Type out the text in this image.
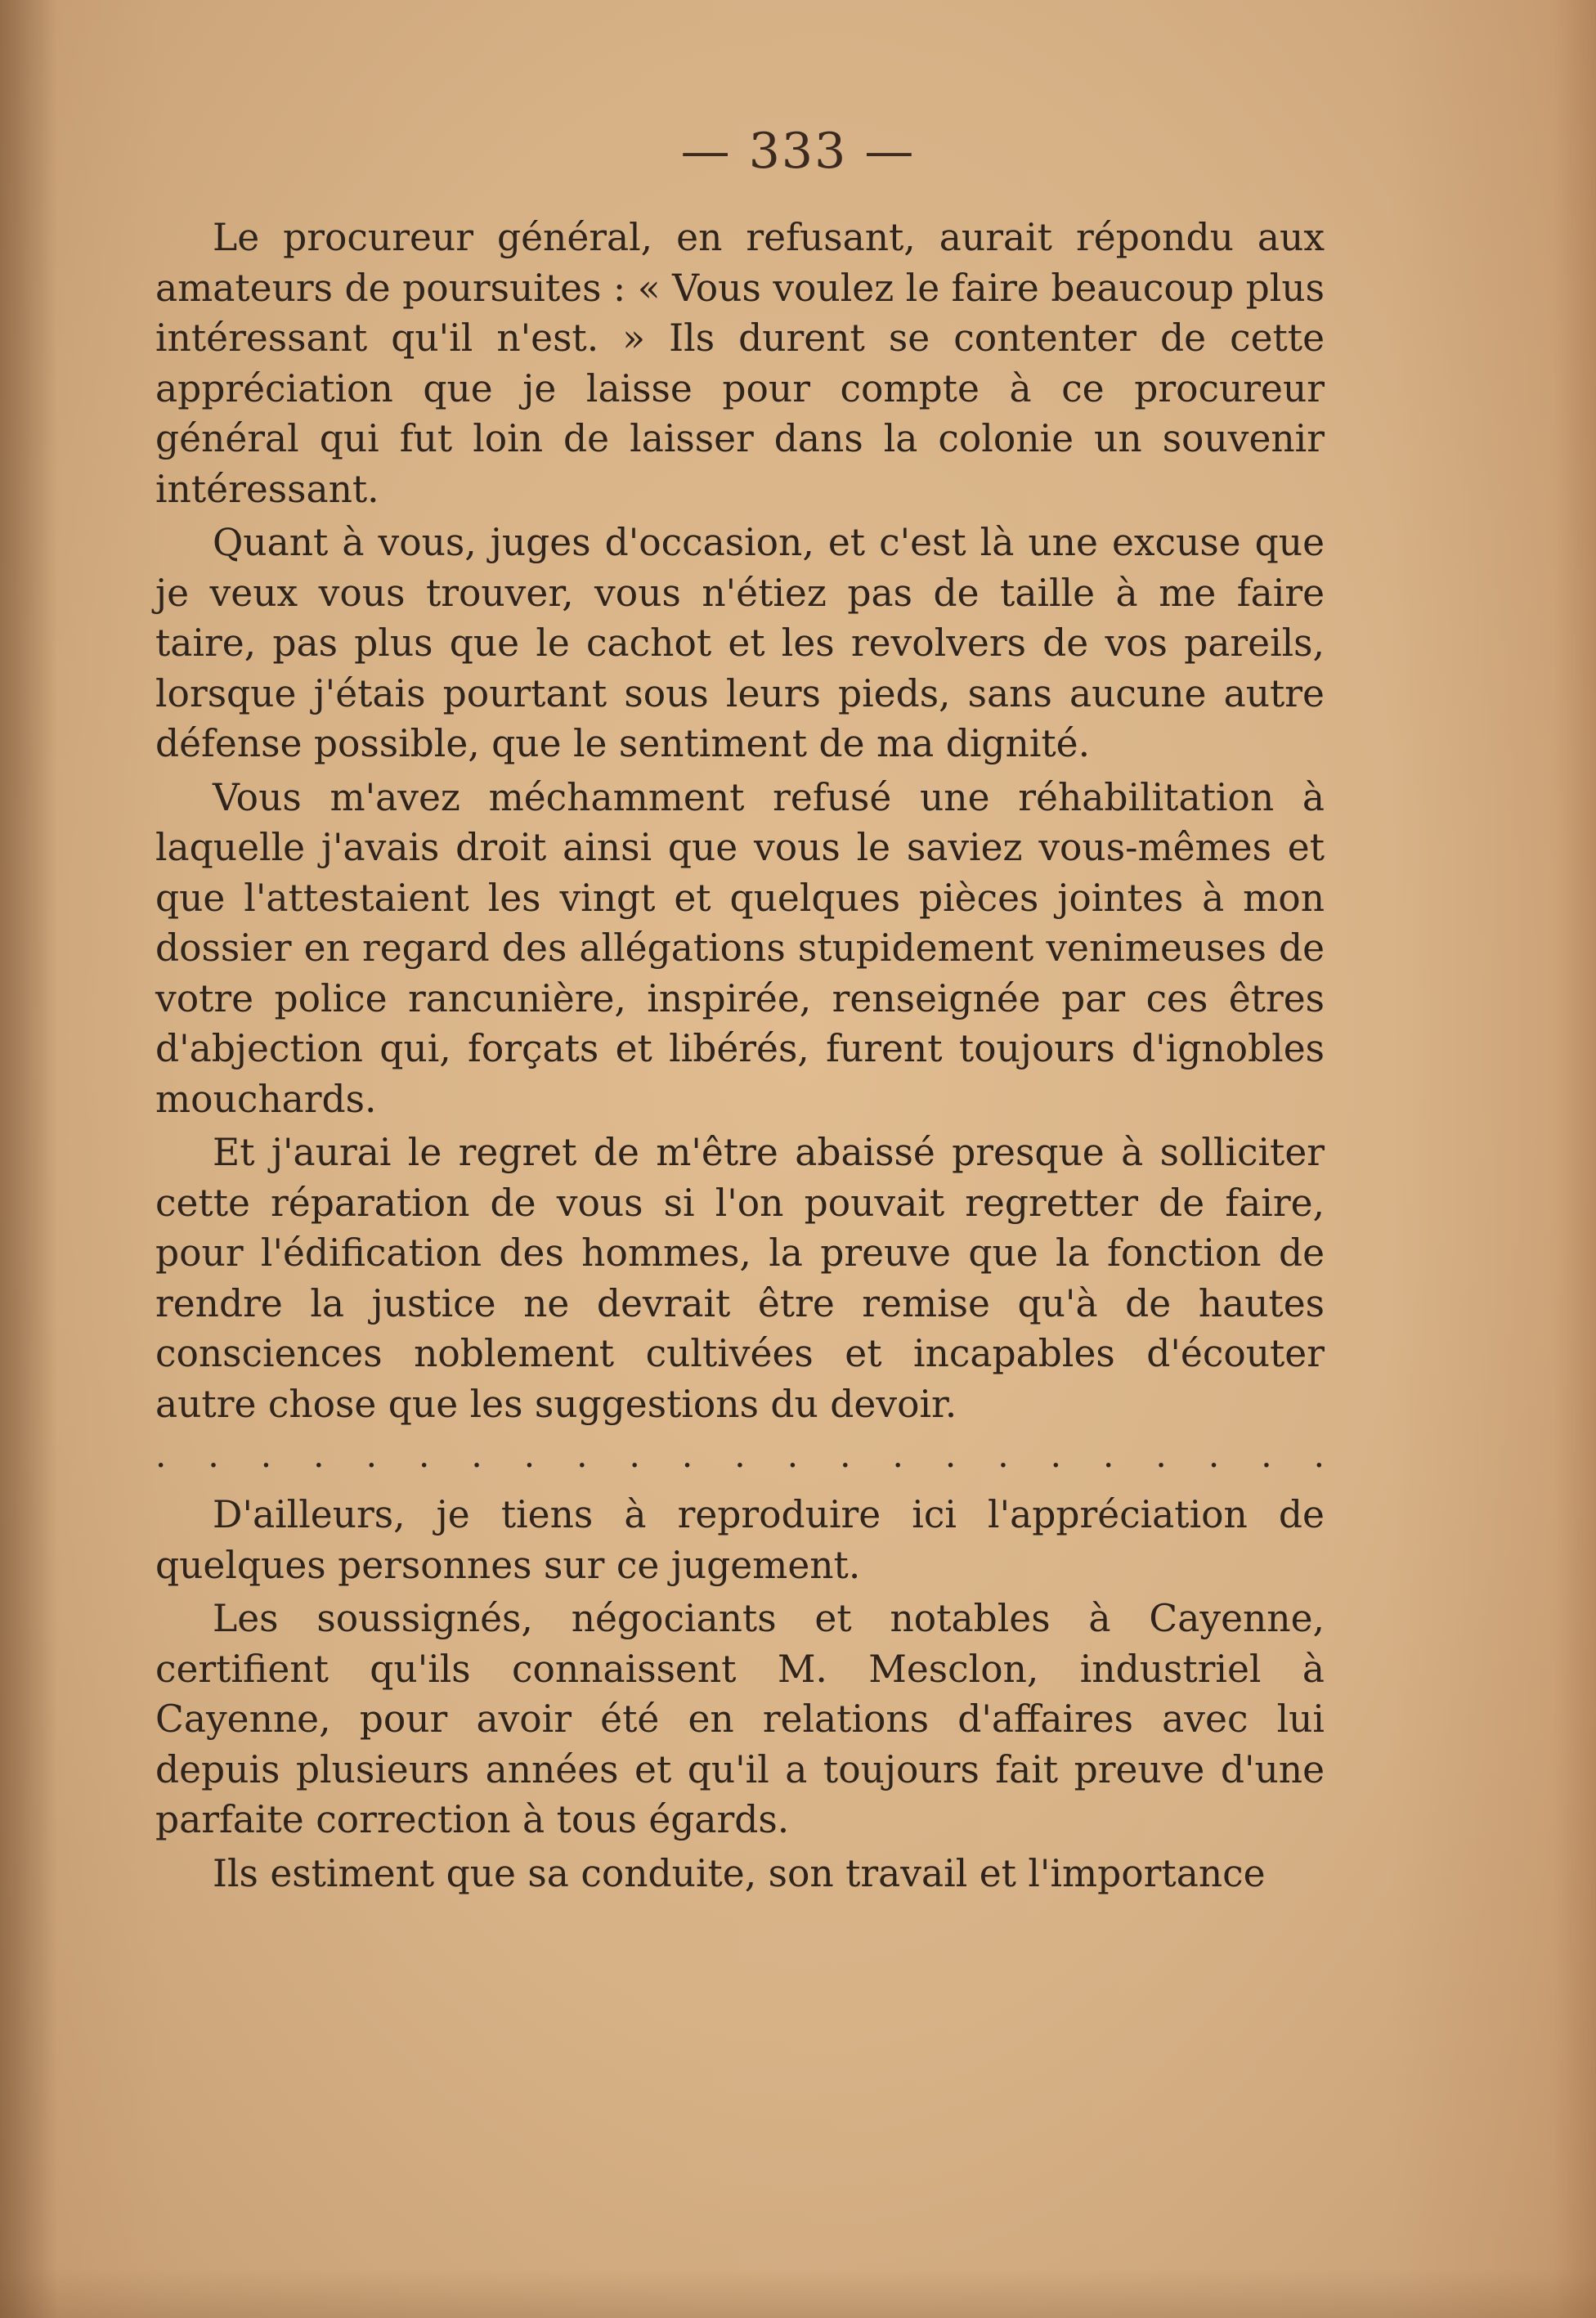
— 333 —

Le procureur général, en refusant, aurait répondu aux amateurs de poursuites : « Vous voulez le faire beaucoup plus intéressant qu'il n'est. » Ils durent se contenter de cette appréciation que je laisse pour compte à ce procureur général qui fut loin de laisser dans la colonie un souvenir intéressant.

Quant à vous, juges d'occasion, et c'est là une excuse que je veux vous trouver, vous n'étiez pas de taille à me faire taire, pas plus que le cachot et les revolvers de vos pareils, lorsque j'étais pourtant sous leurs pieds, sans aucune autre défense possible, que le sentiment de ma dignité.

Vous m'avez méchamment refusé une réhabilitation à laquelle j'avais droit ainsi que vous le saviez vous-mêmes et que l'attestaient les vingt et quelques pièces jointes à mon dossier en regard des allégations stupidement venimeuses de votre police rancunière, inspirée, renseignée par ces êtres d'abjection qui, forçats et libérés, furent toujours d'ignobles mouchards.

Et j'aurai le regret de m'être abaissé presque à solliciter cette réparation de vous si l'on pouvait regretter de faire, pour l'édification des hommes, la preuve que la fonction de rendre la justice ne devrait être remise qu'à de hautes consciences noblement cultivées et incapables d'écouter autre chose que les suggestions du devoir.

. . . . . . . . . . . . . . . . . . . . . . .

D'ailleurs, je tiens à reproduire ici l'appréciation de quelques personnes sur ce jugement.

Les soussignés, négociants et notables à Cayenne, certifient qu'ils connaissent M. Mesclon, industriel à Cayenne, pour avoir été en relations d'affaires avec lui depuis plusieurs années et qu'il a toujours fait preuve d'une parfaite correction à tous égards.

Ils estiment que sa conduite, son travail et l'importance
